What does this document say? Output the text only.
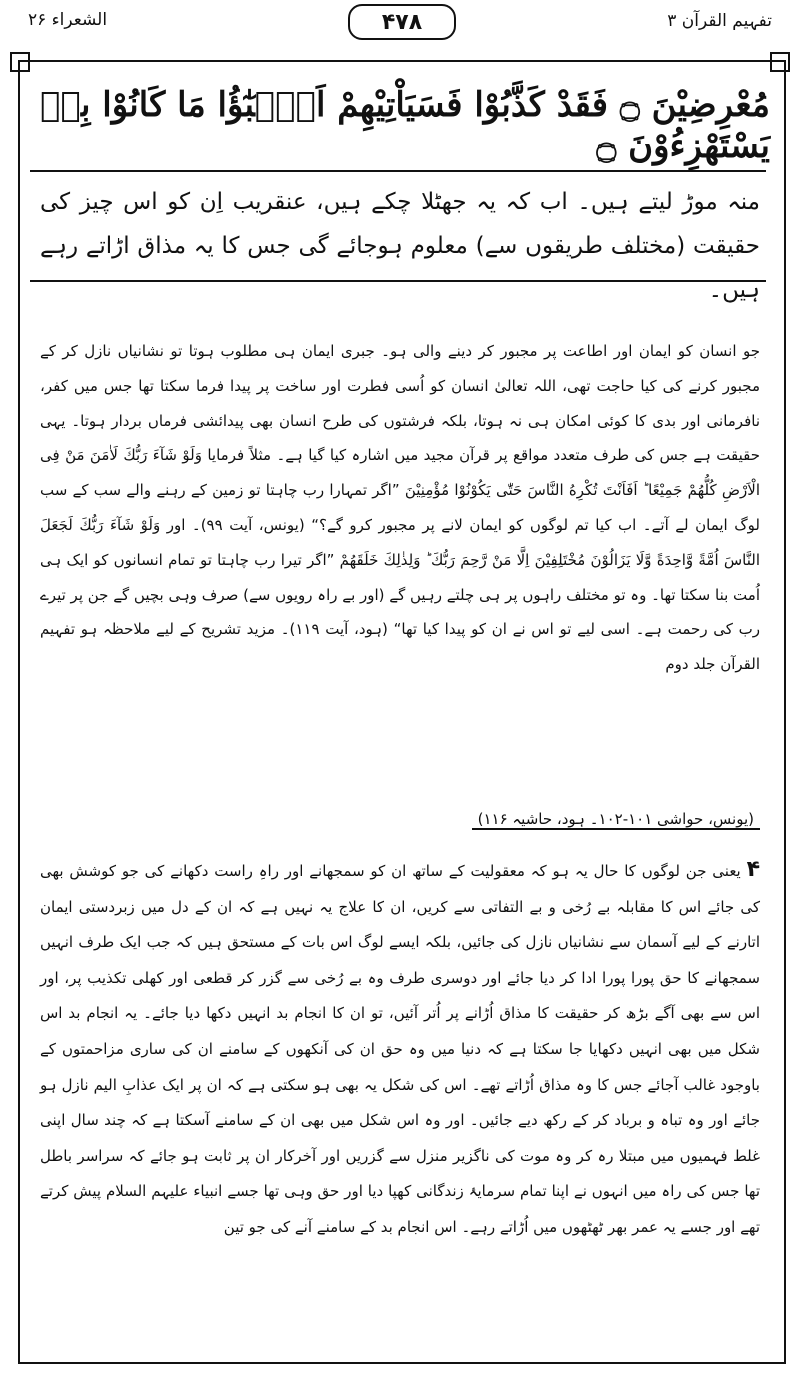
الشعراء ۲۶	۴۷۸	تفہیم القرآن ۳
مُعْرِضِيْنَ ۝ فَقَدْ كَذَّبُوْا فَسَيَاْتِيْهِمْ اَنْۢبٰٓؤُا مَا كَانُوْا بِهٖ يَسْتَهْزِءُوْنَ ۝
منہ موڑ لیتے ہیں۔ اب کہ یہ جھٹلا چکے ہیں، عنقریب اِن کو اس چیز کی حقیقت (مختلف طریقوں سے) معلوم ہوجائے گی جس کا یہ مذاق اڑاتے رہے ہیں۔

جو انسان کو ایمان اور اطاعت پر مجبور کر دینے والی ہو۔ جبری ایمان ہی مطلوب ہوتا تو نشانیاں نازل کر کے مجبور کرنے کی کیا حاجت تھی، اللہ تعالیٰ انسان کو اُسی فطرت اور ساخت پر پیدا فرما سکتا تھا جس میں کفر، نافرمانی اور بدی کا کوئی امکان ہی نہ ہوتا، بلکہ فرشتوں کی طرح انسان بھی پیدائشی فرماں بردار ہوتا۔ یہی حقیقت ہے جس کی طرف متعدد مواقع پر قرآن مجید میں اشارہ کیا گیا ہے۔ مثلاً فرمایا وَلَوْ شَآءَ رَبُّكَ لَاٰمَنَ مَنْ فِى الْاَرْضِ كُلُّهُمْ جَمِيْعًا ؕ اَفَاَنْتَ تُكْرِهُ النَّاسَ حَتّٰى يَكُوْنُوْا مُؤْمِنِيْنَ ”اگر تمہارا رب چاہتا تو زمین کے رہنے والے سب کے سب لوگ ایمان لے آتے۔ اب کیا تم لوگوں کو ایمان لانے پر مجبور کرو گے؟“ (یونس، آیت ۹۹)۔ اور وَلَوْ شَآءَ رَبُّكَ لَجَعَلَ النَّاسَ اُمَّةً وَّاحِدَةً وَّلَا يَزَالُوْنَ مُخْتَلِفِيْنَ اِلَّا مَنْ رَّحِمَ رَبُّكَ ؕ وَلِذٰلِكَ خَلَقَهُمْ ”اگر تیرا رب چاہتا تو تمام انسانوں کو ایک ہی اُمت بنا سکتا تھا۔ وہ تو مختلف راہوں پر ہی چلتے رہیں گے (اور بے راہ رویوں سے) صرف وہی بچیں گے جن پر تیرے رب کی رحمت ہے۔ اسی لیے تو اس نے ان کو پیدا کیا تھا“ (ہود، آیت ۱۱۹)۔ مزید تشریح کے لیے ملاحظہ ہو تفہیم القرآن جلد دوم

(یونس، حواشی ۱۰۱-۱۰۲۔ ہود، حاشیہ ۱۱۶)

۴ یعنی جن لوگوں کا حال یہ ہو کہ معقولیت کے ساتھ ان کو سمجھانے اور راہِ راست دکھانے کی جو کوشش بھی کی جائے اس کا مقابلہ بے رُخی و بے التفاتی سے کریں، ان کا علاج یہ نہیں ہے کہ ان کے دل میں زبردستی ایمان اتارنے کے لیے آسمان سے نشانیاں نازل کی جائیں، بلکہ ایسے لوگ اس بات کے مستحق ہیں کہ جب ایک طرف انہیں سمجھانے کا حق پورا پورا ادا کر دیا جائے اور دوسری طرف وہ بے رُخی سے گزر کر قطعی اور کھلی تکذیب پر، اور اس سے بھی آگے بڑھ کر حقیقت کا مذاق اُڑانے پر اُتر آئیں، تو ان کا انجام بد انہیں دکھا دیا جائے۔ یہ انجام بد اس شکل میں بھی انہیں دکھایا جا سکتا ہے کہ دنیا میں وہ حق ان کی آنکھوں کے سامنے ان کی ساری مزاحمتوں کے باوجود غالب آجائے جس کا وہ مذاق اُڑاتے تھے۔ اس کی شکل یہ بھی ہو سکتی ہے کہ ان پر ایک عذابِ الیم نازل ہو جائے اور وہ تباہ و برباد کر کے رکھ دیے جائیں۔ اور وہ اس شکل میں بھی ان کے سامنے آسکتا ہے کہ چند سال اپنی غلط فہمیوں میں مبتلا رہ کر وہ موت کی ناگزیر منزل سے گزریں اور آخرکار ان پر ثابت ہو جائے کہ سراسر باطل تھا جس کی راہ میں انہوں نے اپنا تمام سرمایۂ زندگانی کھپا دیا اور حق وہی تھا جسے انبیاء علیہم السلام پیش کرتے تھے اور جسے یہ عمر بھر ٹھٹھوں میں اُڑاتے رہے۔ اس انجام بد کے سامنے آنے کی جو تین
